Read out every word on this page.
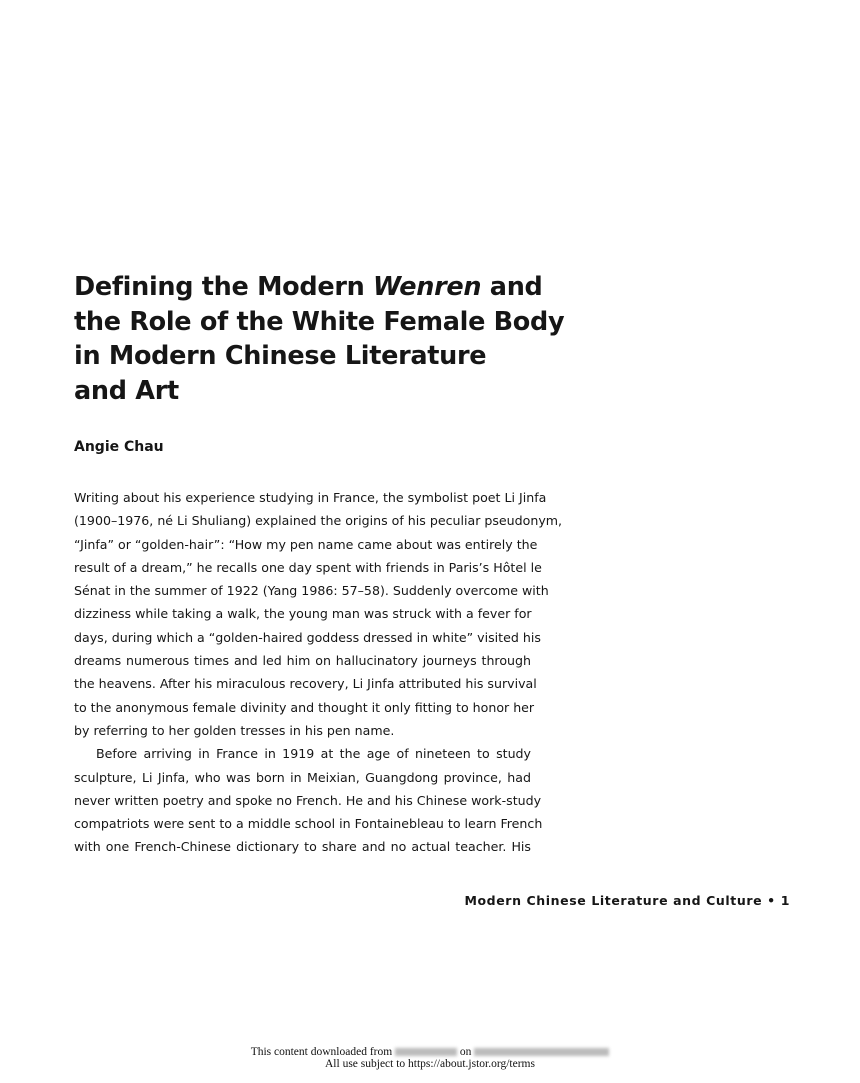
Defining the Modern Wenren and
the Role of the White Female Body
in Modern Chinese Literature
and Art
Angie Chau
Writing about his experience studying in France, the symbolist poet Li Jinfa
(1900–1976, né Li Shuliang) explained the origins of his peculiar pseudonym,
“Jinfa” or “golden-hair”: “How my pen name came about was entirely the
result of a dream,” he recalls one day spent with friends in Paris’s Hôtel le
Sénat in the summer of 1922 (Yang 1986: 57–58). Suddenly overcome with
dizziness while taking a walk, the young man was struck with a fever for
days, during which a “golden-haired goddess dressed in white” visited his
dreams numerous times and led him on hallucinatory journeys through
the heavens. After his miraculous recovery, Li Jinfa attributed his survival
to the anonymous female divinity and thought it only fitting to honor her
by referring to her golden tresses in his pen name.
Before arriving in France in 1919 at the age of nineteen to study
sculpture, Li Jinfa, who was born in Meixian, Guangdong province, had
never written poetry and spoke no French. He and his Chinese work-study
compatriots were sent to a middle school in Fontainebleau to learn French
with one French-Chinese dictionary to share and no actual teacher. His
Modern Chinese Literature and Culture • 1
This content downloaded from	on
All use subject to https://about.jstor.org/terms
